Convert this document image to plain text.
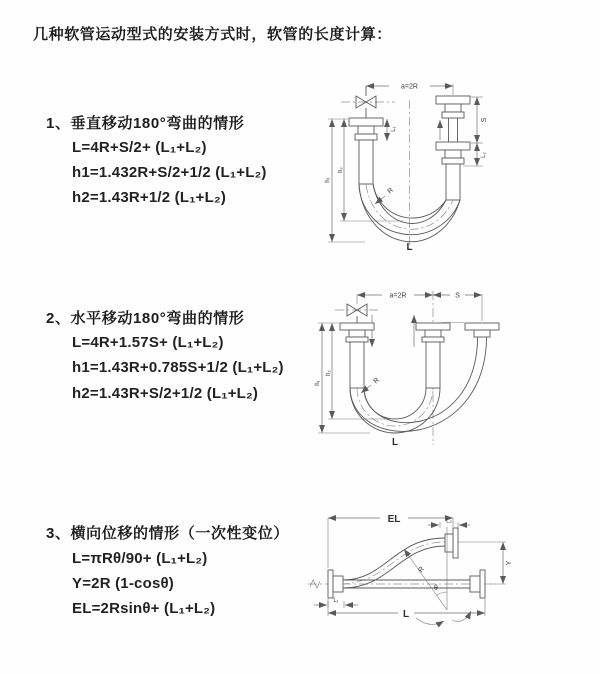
几种软管运动型式的安装方式时，软管的长度计算：
1、垂直移动180°弯曲的情形
L=4R+S/2+ (L₁+L₂)
h1=1.432R+S/2+1/2 (L₁+L₂)
h2=1.43R+1/2 (L₁+L₂)
2、水平移动180°弯曲的情形
L=4R+1.57S+ (L₁+L₂)
h1=1.43R+0.785S+1/2 (L₁+L₂)
h2=1.43R+S/2+1/2 (L₁+L₂)
3、横向位移的情形（一次性变位）
L=πRθ/90+ (L₁+L₂)
Y=2R (1-cosθ)
EL=2Rsinθ+ (L₁+L₂)
a=2R
S
L₂
h₁
h₂
L₁
R
L
a=2R	S
h₁
h₂
R
L
EL	L₂
Y
L
L₁
θ
R
